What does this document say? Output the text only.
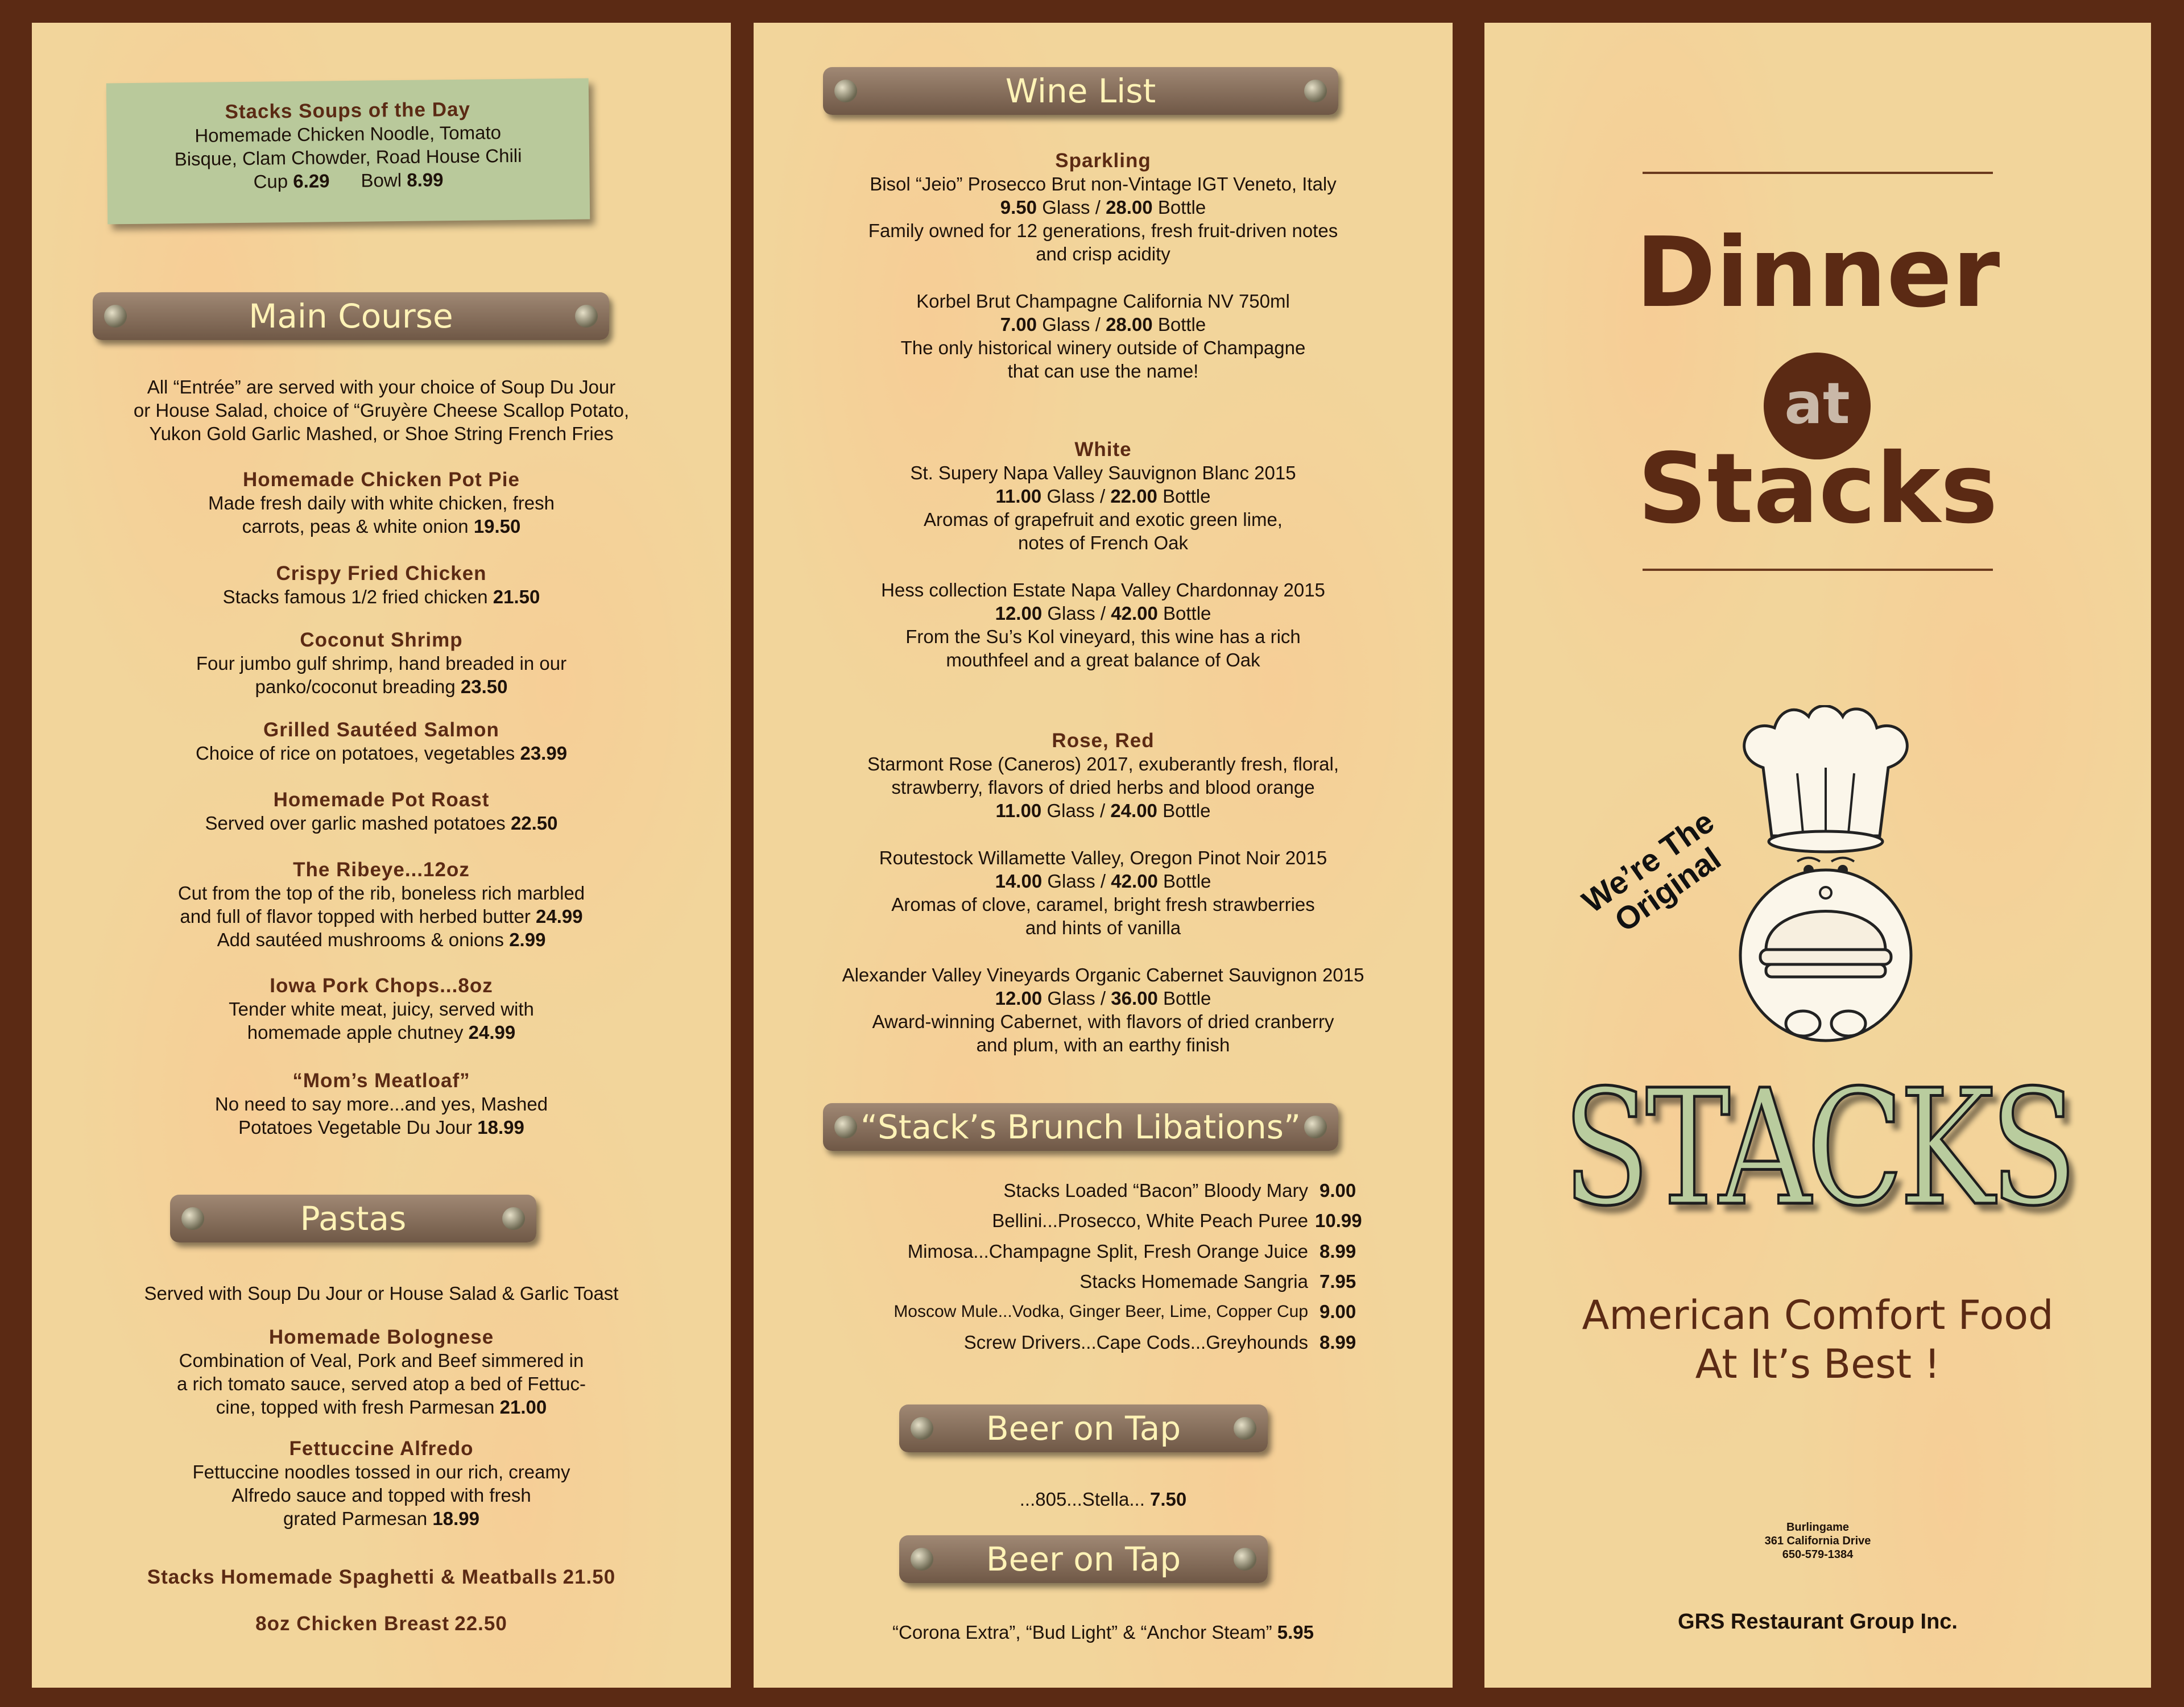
Stacks Soups of the Day
Homemade Chicken Noodle, Tomato
Bisque, Clam Chowder, Road House Chili
Cup 6.29 Bowl 8.99
Main Course
All “Entrée” are served with your choice of Soup Du Jour
or House Salad, choice of “Gruyère Cheese Scallop Potato,
Yukon Gold Garlic Mashed, or Shoe String French Fries
Homemade Chicken Pot Pie
Made fresh daily with white chicken, fresh
carrots, peas & white onion 19.50
Crispy Fried Chicken
Stacks famous 1/2 fried chicken 21.50
Coconut Shrimp
Four jumbo gulf shrimp, hand breaded in our
panko/coconut breading 23.50
Grilled Sautéed Salmon
Choice of rice on potatoes, vegetables 23.99
Homemade Pot Roast
Served over garlic mashed potatoes 22.50
The Ribeye...12oz
Cut from the top of the rib, boneless rich marbled
and full of flavor topped with herbed butter 24.99
Add sautéed mushrooms & onions 2.99
Iowa Pork Chops...8oz
Tender white meat, juicy, served with
homemade apple chutney 24.99
“Mom’s Meatloaf”
No need to say more...and yes, Mashed
Potatoes Vegetable Du Jour 18.99
Pastas
Served with Soup Du Jour or House Salad & Garlic Toast
Homemade Bolognese
Combination of Veal, Pork and Beef simmered in
a rich tomato sauce, served atop a bed of Fettuc-
cine, topped with fresh Parmesan 21.00
Fettuccine Alfredo
Fettuccine noodles tossed in our rich, creamy
Alfredo sauce and topped with fresh
grated Parmesan 18.99
Stacks Homemade Spaghetti & Meatballs 21.50
8oz Chicken Breast 22.50
Wine List
Sparkling
Bisol “Jeio” Prosecco Brut non-Vintage IGT Veneto, Italy
9.50 Glass / 28.00 Bottle
Family owned for 12 generations, fresh fruit-driven notes
and crisp acidity
Korbel Brut Champagne California NV 750ml
7.00 Glass / 28.00 Bottle
The only historical winery outside of Champagne
that can use the name!
White
St. Supery Napa Valley Sauvignon Blanc 2015
11.00 Glass / 22.00 Bottle
Aromas of grapefruit and exotic green lime,
notes of French Oak
Hess collection Estate Napa Valley Chardonnay 2015
12.00 Glass / 42.00 Bottle
From the Su’s Kol vineyard, this wine has a rich
mouthfeel and a great balance of Oak
Rose, Red
Starmont Rose (Caneros) 2017, exuberantly fresh, floral,
strawberry, flavors of dried herbs and blood orange
11.00 Glass / 24.00 Bottle
Routestock Willamette Valley, Oregon Pinot Noir 2015
14.00 Glass / 42.00 Bottle
Aromas of clove, caramel, bright fresh strawberries
and hints of vanilla
Alexander Valley Vineyards Organic Cabernet Sauvignon 2015
12.00 Glass / 36.00 Bottle
Award-winning Cabernet, with flavors of dried cranberry
and plum, with an earthy finish
“Stack’s Brunch Libations”
Stacks Loaded “Bacon” Bloody Mary 9.00
Bellini...Prosecco, White Peach Puree 10.99
Mimosa...Champagne Split, Fresh Orange Juice 8.99
Stacks Homemade Sangria 7.95
Moscow Mule...Vodka, Ginger Beer, Lime, Copper Cup 9.00
Screw Drivers...Cape Cods...Greyhounds 8.99
Beer on Tap
...805...Stella... 7.50
Beer on Tap
“Corona Extra”, “Bud Light” & “Anchor Steam” 5.95
Dinner
at
Stacks
We’re The Original
STACKS
American Comfort Food
At It’s Best !
Burlingame
361 California Drive
650-579-1384
GRS Restaurant Group Inc.
